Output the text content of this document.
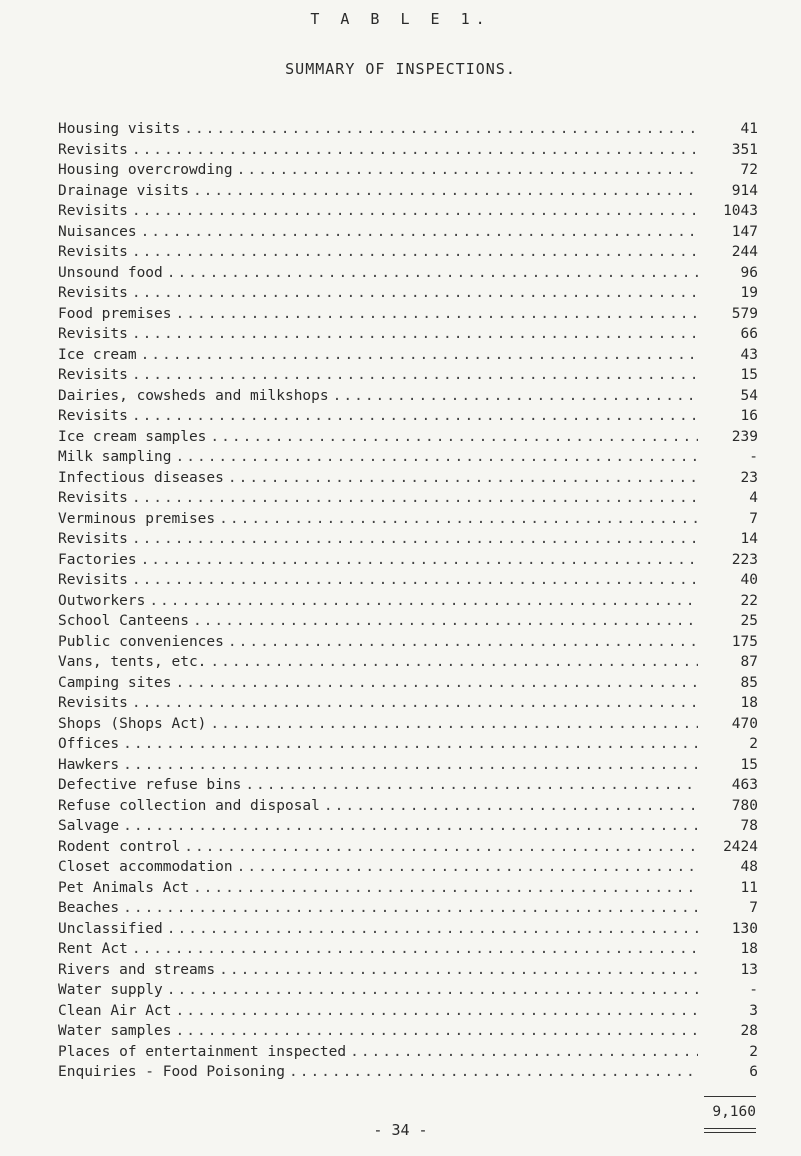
T A B L E 1.
SUMMARY OF INSPECTIONS.
Housing visits .....	41
Revisits .....	351
Housing overcrowding .....	72
Drainage visits .....	914
Revisits .....	1043
Nuisances .....	147
Revisits .....	244
Unsound food .....	96
Revisits .....	19
Food premises .....	579
Revisits .....	66
Ice cream .....	43
Revisits .....	15
Dairies, cowsheds and milkshops .....	54
Revisits .....	16
Ice cream samples .....	239
Milk sampling .....	-
Infectious diseases .....	23
Revisits .....	4
Verminous premises .....	7
Revisits .....	14
Factories .....	223
Revisits .....	40
Outworkers .....	22
School Canteens .....	25
Public conveniences .....	175
Vans, tents, etc. .....	87
Camping sites .....	85
Revisits .....	18
Shops (Shops Act) .....	470
Offices .....	2
Hawkers .....	15
Defective refuse bins .....	463
Refuse collection and disposal .....	780
Salvage .....	78
Rodent control .....	2424
Closet accommodation .....	48
Pet Animals Act .....	11
Beaches .....	7
Unclassified .....	130
Rent Act .....	18
Rivers and streams .....	13
Water supply .....	-
Clean Air Act .....	3
Water samples .....	28
Places of entertainment inspected .....	2
Enquiries - Food Poisoning .....	6
9,160
- 34 -
